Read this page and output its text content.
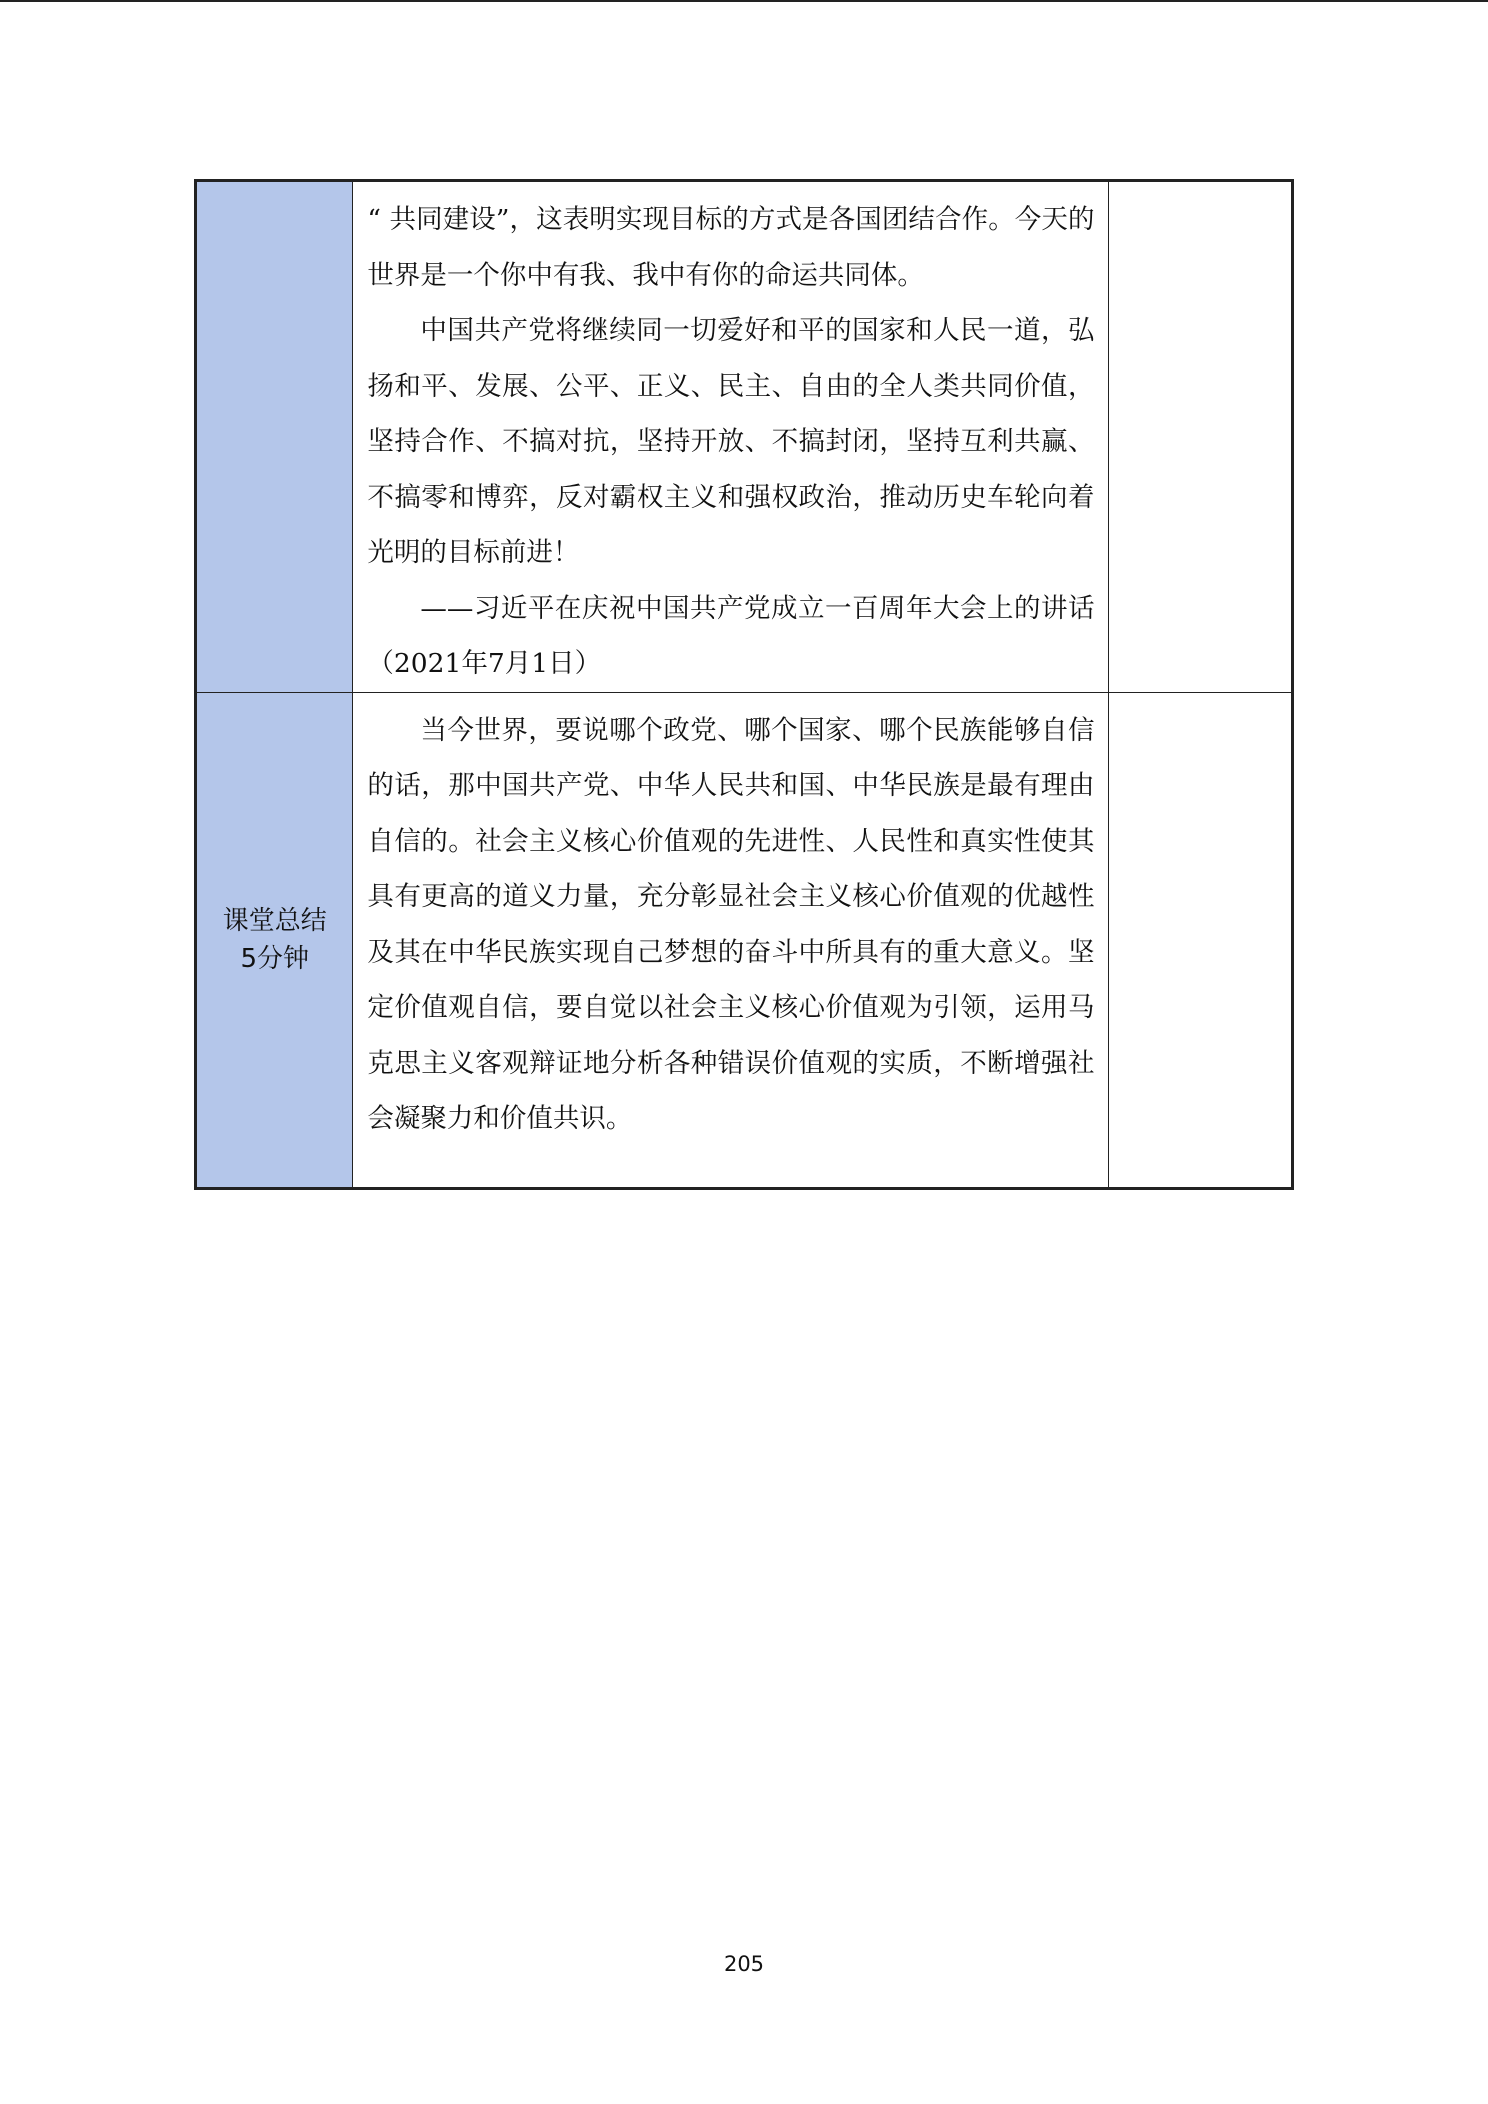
	“ 共同建设”，这表明实现目标的方式是各国团结合作。今天的世界是一个你中有我、我中有你的命运共同体。

中国共产党将继续同一切爱好和平的国家和人民一道，弘扬和平、发展、公平、正义、民主、自由的全人类共同价值，坚持合作、不搞对抗，坚持开放、不搞封闭，坚持互利共赢、不搞零和博弈，反对霸权主义和强权政治，推动历史车轮向着光明的目标前进！

——习近平在庆祝中国共产党成立一百周年大会上的讲话（2021年7月1日）	

课堂总结
5分钟	当今世界，要说哪个政党、哪个国家、哪个民族能够自信的话，那中国共产党、中华人民共和国、中华民族是最有理由自信的。社会主义核心价值观的先进性、人民性和真实性使其具有更高的道义力量，充分彰显社会主义核心价值观的优越性及其在中华民族实现自己梦想的奋斗中所具有的重大意义。坚定价值观自信，要自觉以社会主义核心价值观为引领，运用马克思主义客观辩证地分析各种错误价值观的实质，不断增强社会凝聚力和价值共识。	

205
